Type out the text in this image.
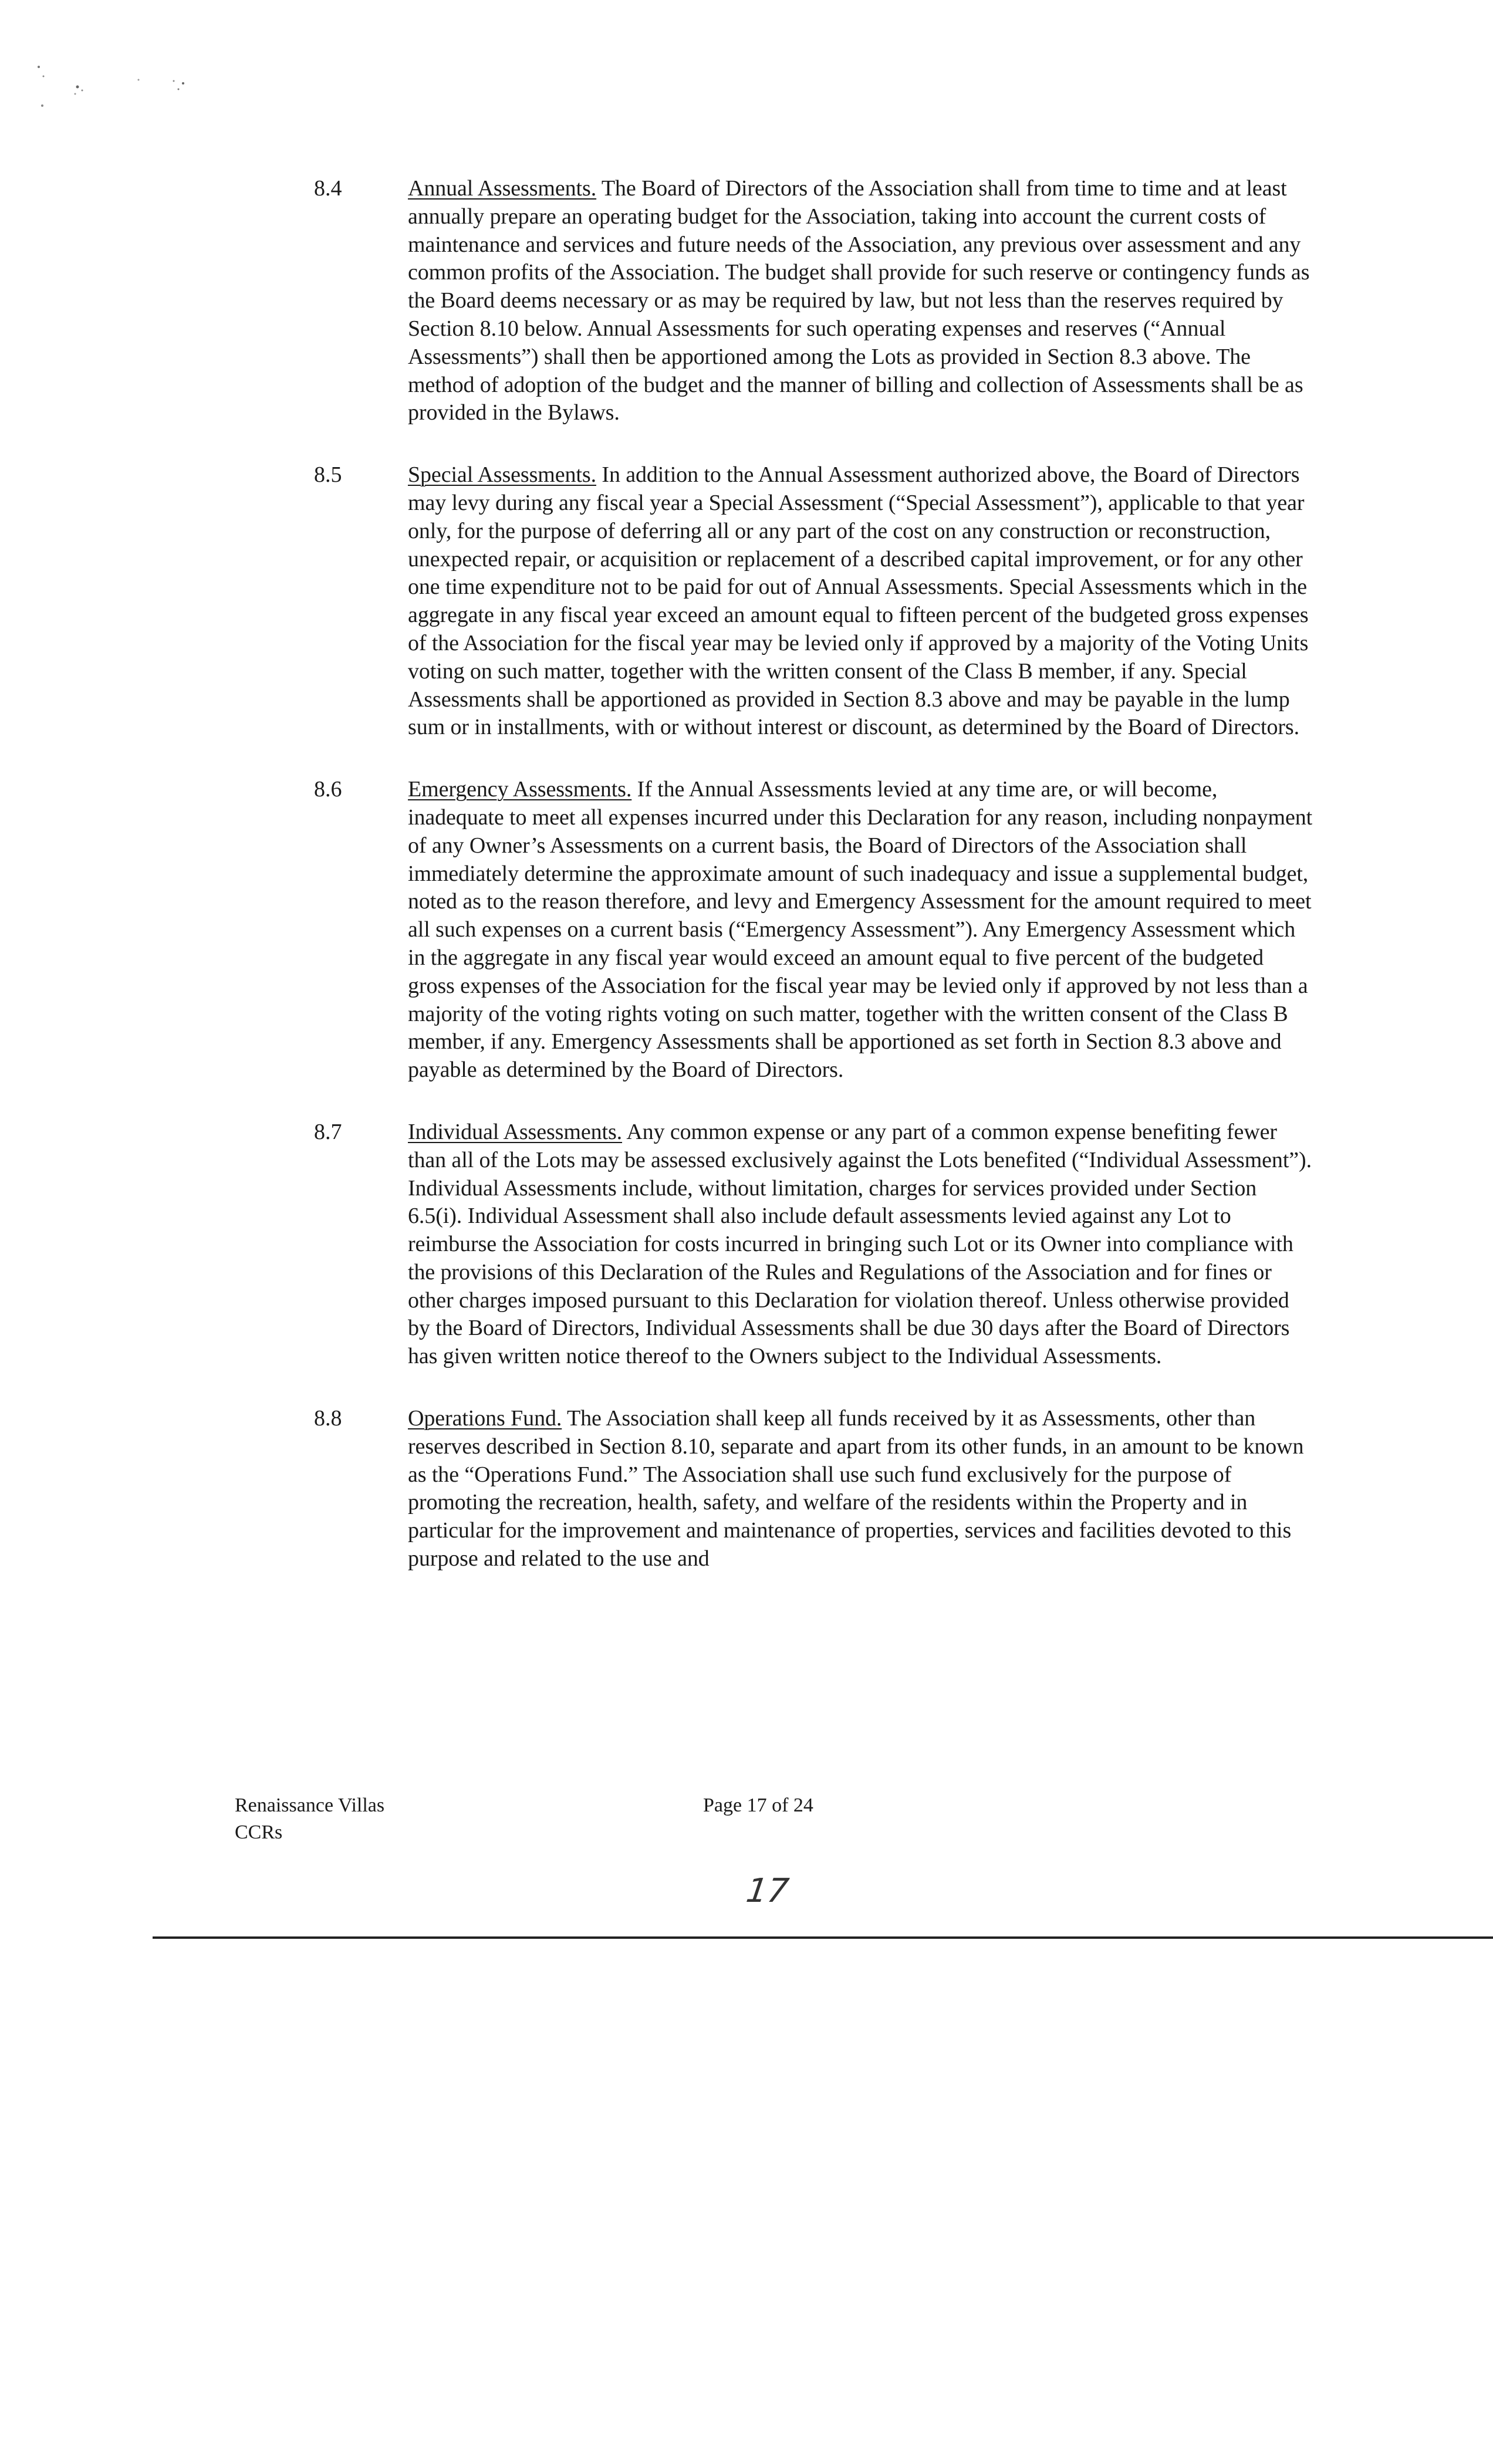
8.4	Annual Assessments. The Board of Directors of the Association shall from time to time and at least annually prepare an operating budget for the Association, taking into account the current costs of maintenance and services and future needs of the Association, any previous over assessment and any common profits of the Association. The budget shall provide for such reserve or contingency funds as the Board deems necessary or as may be required by law, but not less than the reserves required by Section 8.10 below. Annual Assessments for such operating expenses and reserves (“Annual Assessments”) shall then be apportioned among the Lots as provided in Section 8.3 above. The method of adoption of the budget and the manner of billing and collection of Assessments shall be as provided in the Bylaws.
8.5	Special Assessments. In addition to the Annual Assessment authorized above, the Board of Directors may levy during any fiscal year a Special Assessment (“Special Assessment”), applicable to that year only, for the purpose of deferring all or any part of the cost on any construction or reconstruction, unexpected repair, or acquisition or replacement of a described capital improvement, or for any other one time expenditure not to be paid for out of Annual Assessments. Special Assessments which in the aggregate in any fiscal year exceed an amount equal to fifteen percent of the budgeted gross expenses of the Association for the fiscal year may be levied only if approved by a majority of the Voting Units voting on such matter, together with the written consent of the Class B member, if any. Special Assessments shall be apportioned as provided in Section 8.3 above and may be payable in the lump sum or in installments, with or without interest or discount, as determined by the Board of Directors.
8.6	Emergency Assessments. If the Annual Assessments levied at any time are, or will become, inadequate to meet all expenses incurred under this Declaration for any reason, including nonpayment of any Owner’s Assessments on a current basis, the Board of Directors of the Association shall immediately determine the approximate amount of such inadequacy and issue a supplemental budget, noted as to the reason therefore, and levy and Emergency Assessment for the amount required to meet all such expenses on a current basis (“Emergency Assessment”). Any Emergency Assessment which in the aggregate in any fiscal year would exceed an amount equal to five percent of the budgeted gross expenses of the Association for the fiscal year may be levied only if approved by not less than a majority of the voting rights voting on such matter, together with the written consent of the Class B member, if any. Emergency Assessments shall be apportioned as set forth in Section 8.3 above and payable as determined by the Board of Directors.
8.7	Individual Assessments. Any common expense or any part of a common expense benefiting fewer than all of the Lots may be assessed exclusively against the Lots benefited (“Individual Assessment”). Individual Assessments include, without limitation, charges for services provided under Section 6.5(i). Individual Assessment shall also include default assessments levied against any Lot to reimburse the Association for costs incurred in bringing such Lot or its Owner into compliance with the provisions of this Declaration of the Rules and Regulations of the Association and for fines or other charges imposed pursuant to this Declaration for violation thereof. Unless otherwise provided by the Board of Directors, Individual Assessments shall be due 30 days after the Board of Directors has given written notice thereof to the Owners subject to the Individual Assessments.
8.8	Operations Fund. The Association shall keep all funds received by it as Assessments, other than reserves described in Section 8.10, separate and apart from its other funds, in an amount to be known as the “Operations Fund.” The Association shall use such fund exclusively for the purpose of promoting the recreation, health, safety, and welfare of the residents within the Property and in particular for the improvement and maintenance of properties, services and facilities devoted to this purpose and related to the use and
Renaissance Villas
CCRs
Page 17 of 24
17
